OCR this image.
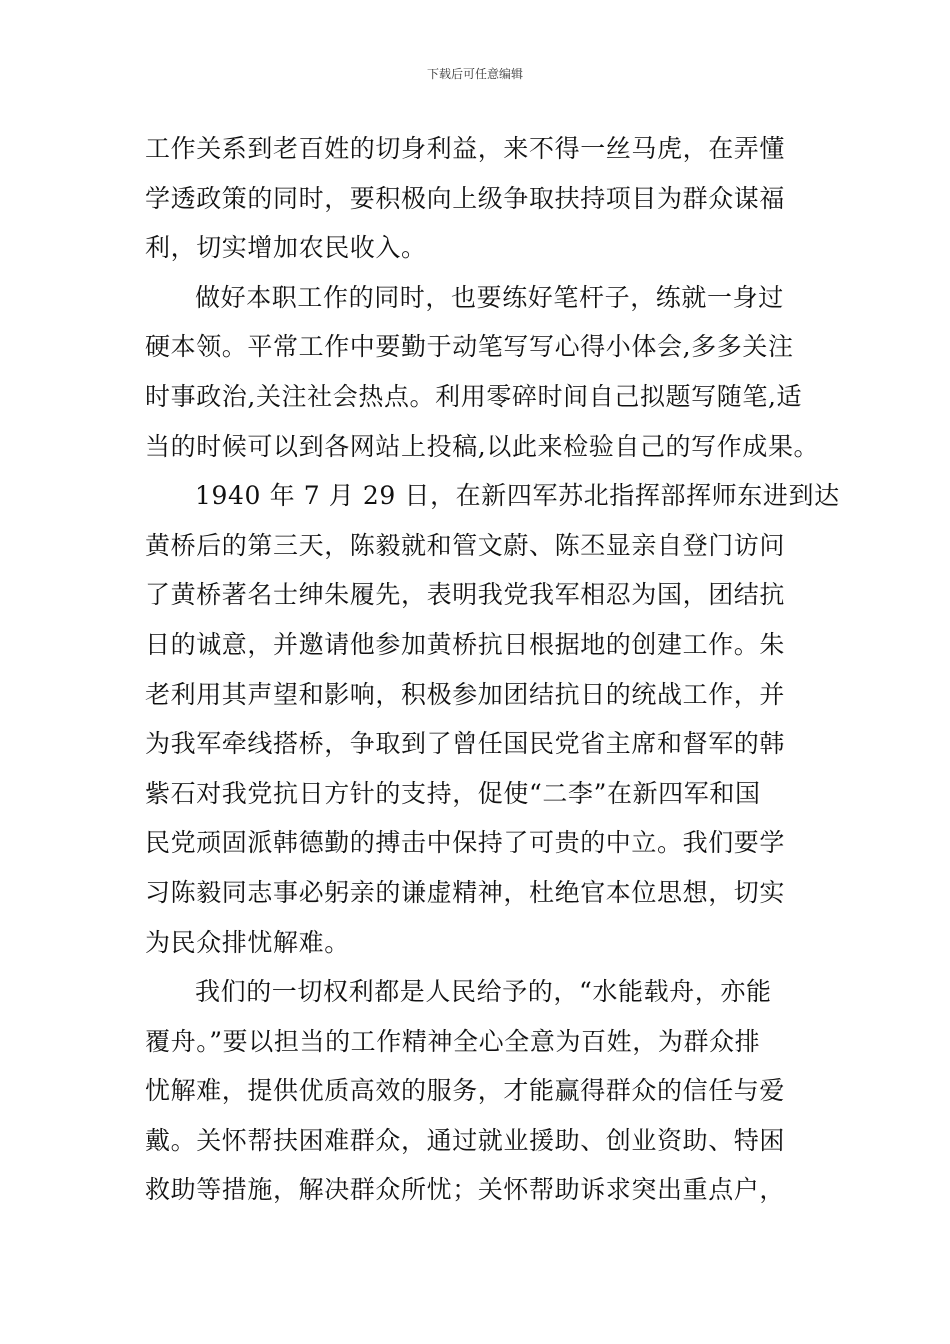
下载后可任意编辑
工作关系到老百姓的切身利益，来不得一丝马虎，在弄懂
学透政策的同时，要积极向上级争取扶持项目为群众谋福
利，切实增加农民收入。
做好本职工作的同时，也要练好笔杆子，练就一身过
硬本领。平常工作中要勤于动笔写写心得小体会,多多关注
时事政治,关注社会热点。利用零碎时间自己拟题写随笔,适
当的时候可以到各网站上投稿,以此来检验自己的写作成果。
1940 年 7 月 29 日，在新四军苏北指挥部挥师东进到达
黄桥后的第三天，陈毅就和管文蔚、陈丕显亲自登门访问
了黄桥著名士绅朱履先，表明我党我军相忍为国，团结抗
日的诚意，并邀请他参加黄桥抗日根据地的创建工作。朱
老利用其声望和影响，积极参加团结抗日的统战工作，并
为我军牵线搭桥，争取到了曾任国民党省主席和督军的韩
紫石对我党抗日方针的支持，促使“二李”在新四军和国
民党顽固派韩德勤的搏击中保持了可贵的中立。我们要学
习陈毅同志事必躬亲的谦虚精神，杜绝官本位思想，切实
为民众排忧解难。
我们的一切权利都是人民给予的，“水能载舟，亦能
覆舟。”要以担当的工作精神全心全意为百姓，为群众排
忧解难，提供优质高效的服务，才能赢得群众的信任与爱
戴。关怀帮扶困难群众，通过就业援助、创业资助、特困
救助等措施，解决群众所忧；关怀帮助诉求突出重点户，
